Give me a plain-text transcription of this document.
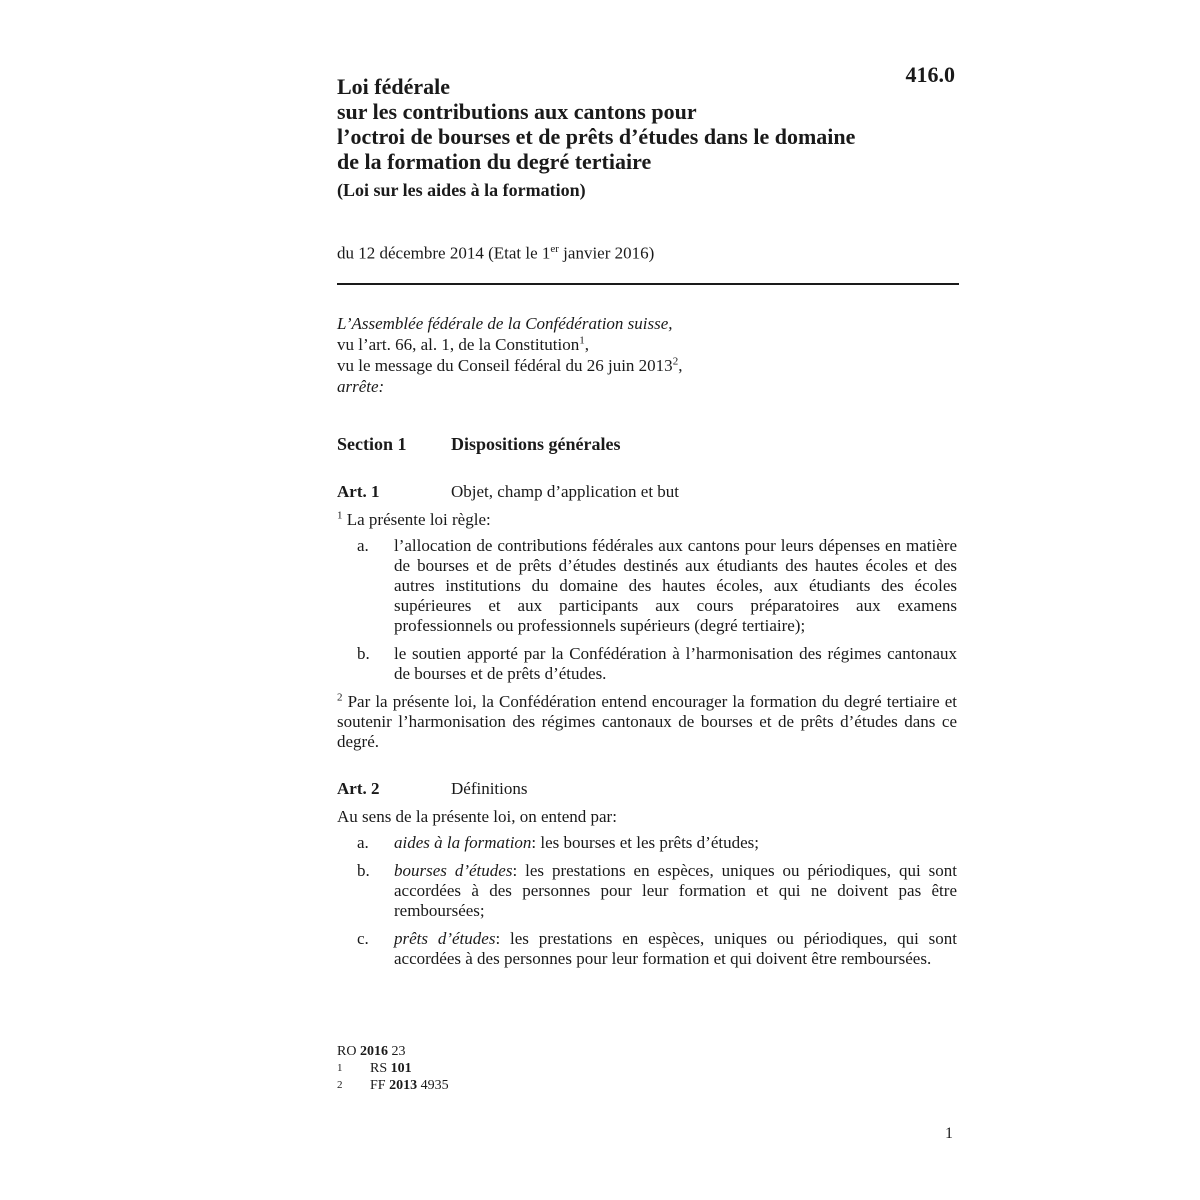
416.0
Loi fédérale
sur les contributions aux cantons pour
l’octroi de bourses et de prêts d’études dans le domaine
de la formation du degré tertiaire
(Loi sur les aides à la formation)
du 12 décembre 2014 (Etat le 1er janvier 2016)
L’Assemblée fédérale de la Confédération suisse,
vu l’art. 66, al. 1, de la Constitution$^1$,
vu le message du Conseil fédéral du 26 juin 2013$^2$,
arrête:
Section 1	Dispositions générales
Art. 1	Objet, champ d’application et but
$^1$ La présente loi règle:
a.	l’allocation de contributions fédérales aux cantons pour leurs dépenses en matière de bourses et de prêts d’études destinés aux étudiants des hautes écoles et des autres institutions du domaine des hautes écoles, aux étudiants des écoles supérieures et aux participants aux cours préparatoires aux examens professionnels ou professionnels supérieurs (degré tertiaire);
b.	le soutien apporté par la Confédération à l’harmonisation des régimes cantonaux de bourses et de prêts d’études.
$^2$ Par la présente loi, la Confédération entend encourager la formation du degré tertiaire et soutenir l’harmonisation des régimes cantonaux de bourses et de prêts d’études dans ce degré.
Art. 2	Définitions
Au sens de la présente loi, on entend par:
a.	aides à la formation: les bourses et les prêts d’études;
b.	bourses d’études: les prestations en espèces, uniques ou périodiques, qui sont accordées à des personnes pour leur formation et qui ne doivent pas être remboursées;
c.	prêts d’études: les prestations en espèces, uniques ou périodiques, qui sont accordées à des personnes pour leur formation et qui doivent être remboursées.
RO 2016 23
1	RS 101
2	FF 2013 4935
1
